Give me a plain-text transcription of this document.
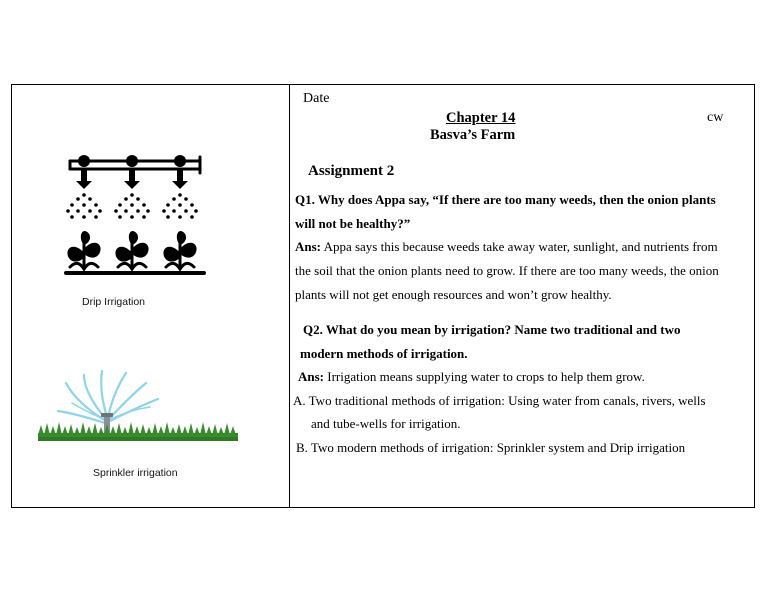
Drip Irrigation
Sprinkler irrigation
Date
Chapter 14	cw
Basva’s Farm
Assignment 2
Q1. Why does Appa say, “If there are too many weeds, then the onion plants
will not be healthy?”
Ans: Appa says this because weeds take away water, sunlight, and nutrients from
the soil that the onion plants need to grow. If there are too many weeds, the onion
plants will not get enough resources and won’t grow healthy.
Q2. What do you mean by irrigation? Name two traditional and two
modern methods of irrigation.
Ans: Irrigation means supplying water to crops to help them grow.
A. Two traditional methods of irrigation: Using water from canals, rivers, wells
and tube-wells for irrigation.
B. Two modern methods of irrigation: Sprinkler system and Drip irrigation
